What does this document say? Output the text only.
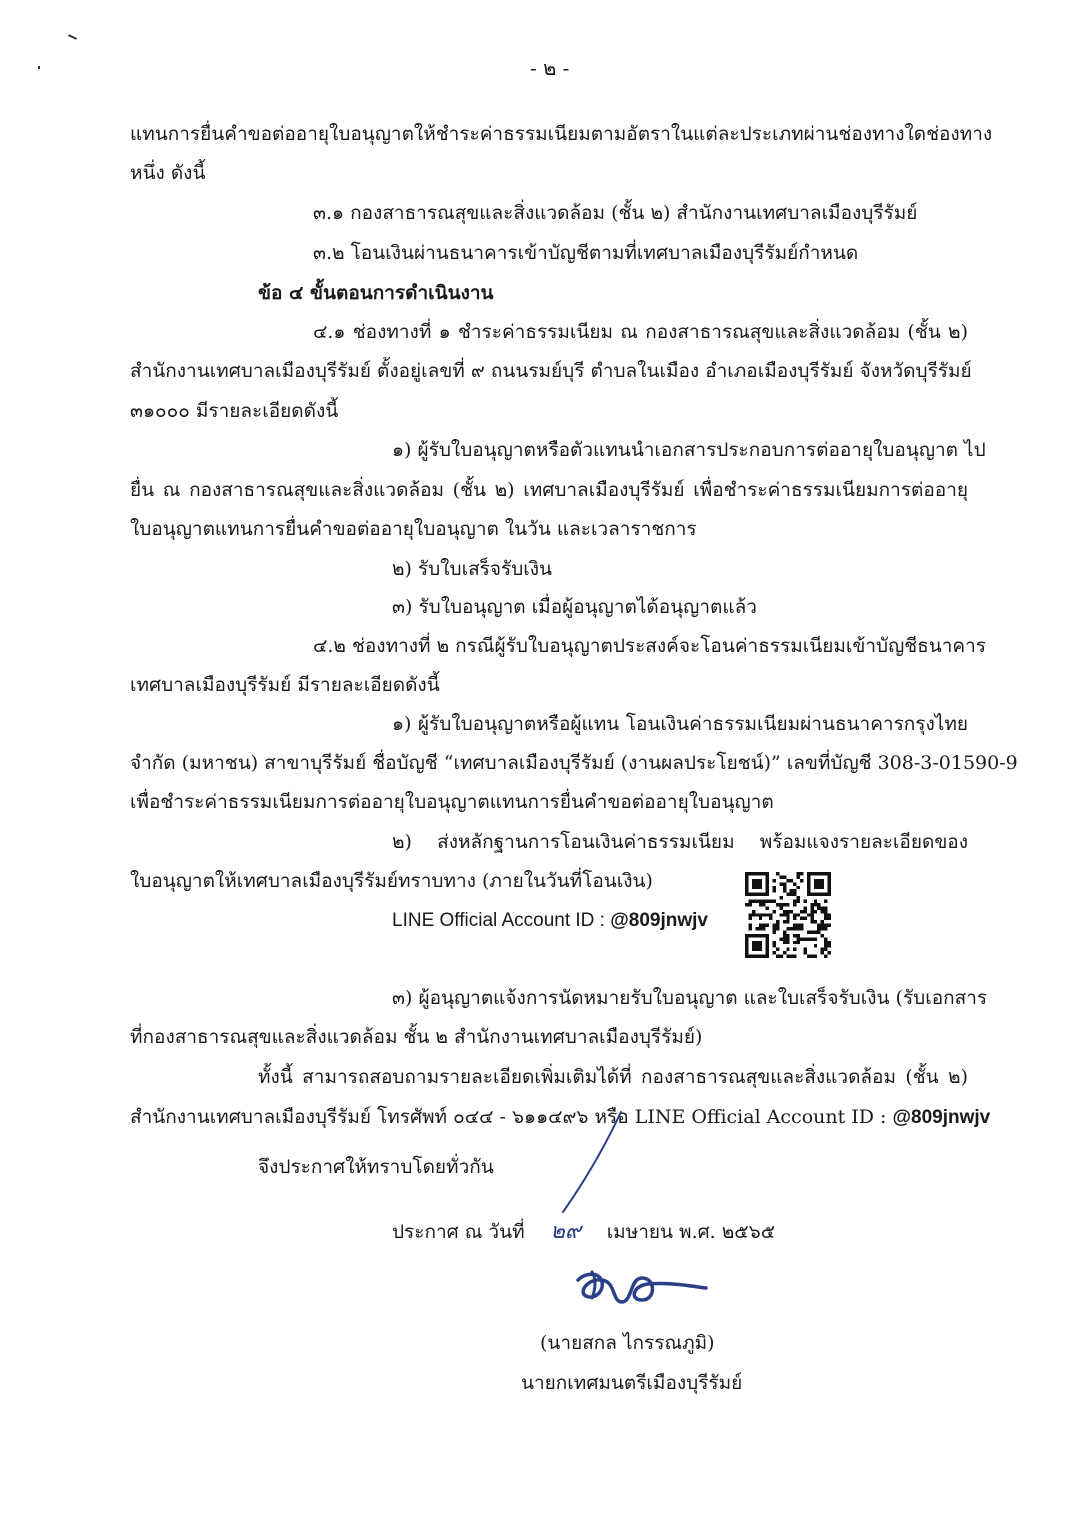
- ๒ -
แทนการยื่นคำขอต่ออายุใบอนุญาตให้ชำระค่าธรรมเนียมตามอัตราในแต่ละประเภทผ่านช่องทางใดช่องทาง
หนึ่ง ดังนี้
๓.๑ กองสาธารณสุขและสิ่งแวดล้อม (ชั้น ๒) สำนักงานเทศบาลเมืองบุรีรัมย์
๓.๒ โอนเงินผ่านธนาคารเข้าบัญชีตามที่เทศบาลเมืองบุรีรัมย์กำหนด
ข้อ ๔ ขั้นตอนการดำเนินงาน
๔.๑ ช่องทางที่ ๑ ชำระค่าธรรมเนียม ณ กองสาธารณสุขและสิ่งแวดล้อม (ชั้น ๒)
สำนักงานเทศบาลเมืองบุรีรัมย์ ตั้งอยู่เลขที่ ๙ ถนนรมย์บุรี ตำบลในเมือง อำเภอเมืองบุรีรัมย์ จังหวัดบุรีรัมย์
๓๑๐๐๐ มีรายละเอียดดังนี้
๑) ผู้รับใบอนุญาตหรือตัวแทนนำเอกสารประกอบการต่ออายุใบอนุญาต ไป
ยื่น ณ กองสาธารณสุขและสิ่งแวดล้อม (ชั้น ๒) เทศบาลเมืองบุรีรัมย์ เพื่อชำระค่าธรรมเนียมการต่ออายุ
ใบอนุญาตแทนการยื่นคำขอต่ออายุใบอนุญาต ในวัน และเวลาราชการ
๒) รับใบเสร็จรับเงิน
๓) รับใบอนุญาต เมื่อผู้อนุญาตได้อนุญาตแล้ว
๔.๒ ช่องทางที่ ๒ กรณีผู้รับใบอนุญาตประสงค์จะโอนค่าธรรมเนียมเข้าบัญชีธนาคาร
เทศบาลเมืองบุรีรัมย์ มีรายละเอียดดังนี้
๑) ผู้รับใบอนุญาตหรือผู้แทน โอนเงินค่าธรรมเนียมผ่านธนาคารกรุงไทย
จำกัด (มหาชน) สาขาบุรีรัมย์ ชื่อบัญชี “เทศบาลเมืองบุรีรัมย์ (งานผลประโยชน์)” เลขที่บัญชี 308-3-01590-9
เพื่อชำระค่าธรรมเนียมการต่ออายุใบอนุญาตแทนการยื่นคำขอต่ออายุใบอนุญาต
๒) ส่งหลักฐานการโอนเงินค่าธรรมเนียม พร้อมแจงรายละเอียดของ
ใบอนุญาตให้เทศบาลเมืองบุรีรัมย์ทราบทาง (ภายในวันที่โอนเงิน)
LINE Official Account ID : @809jnwjv
๓) ผู้อนุญาตแจ้งการนัดหมายรับใบอนุญาต และใบเสร็จรับเงิน (รับเอกสาร
ที่กองสาธารณสุขและสิ่งแวดล้อม ชั้น ๒ สำนักงานเทศบาลเมืองบุรีรัมย์)
ทั้งนี้ สามารถสอบถามรายละเอียดเพิ่มเติมได้ที่ กองสาธารณสุขและสิ่งแวดล้อม (ชั้น ๒)
สำนักงานเทศบาลเมืองบุรีรัมย์ โทรศัพท์ ๐๔๔ - ๖๑๑๔๙๖ หรือ LINE Official Account ID : @809jnwjv
จึงประกาศให้ทราบโดยทั่วกัน
ประกาศ ณ วันที่ ๒๙ เมษายน พ.ศ. ๒๕๖๕
(นายสกล ไกรรณภูมิ)
นายกเทศมนตรีเมืองบุรีรัมย์
